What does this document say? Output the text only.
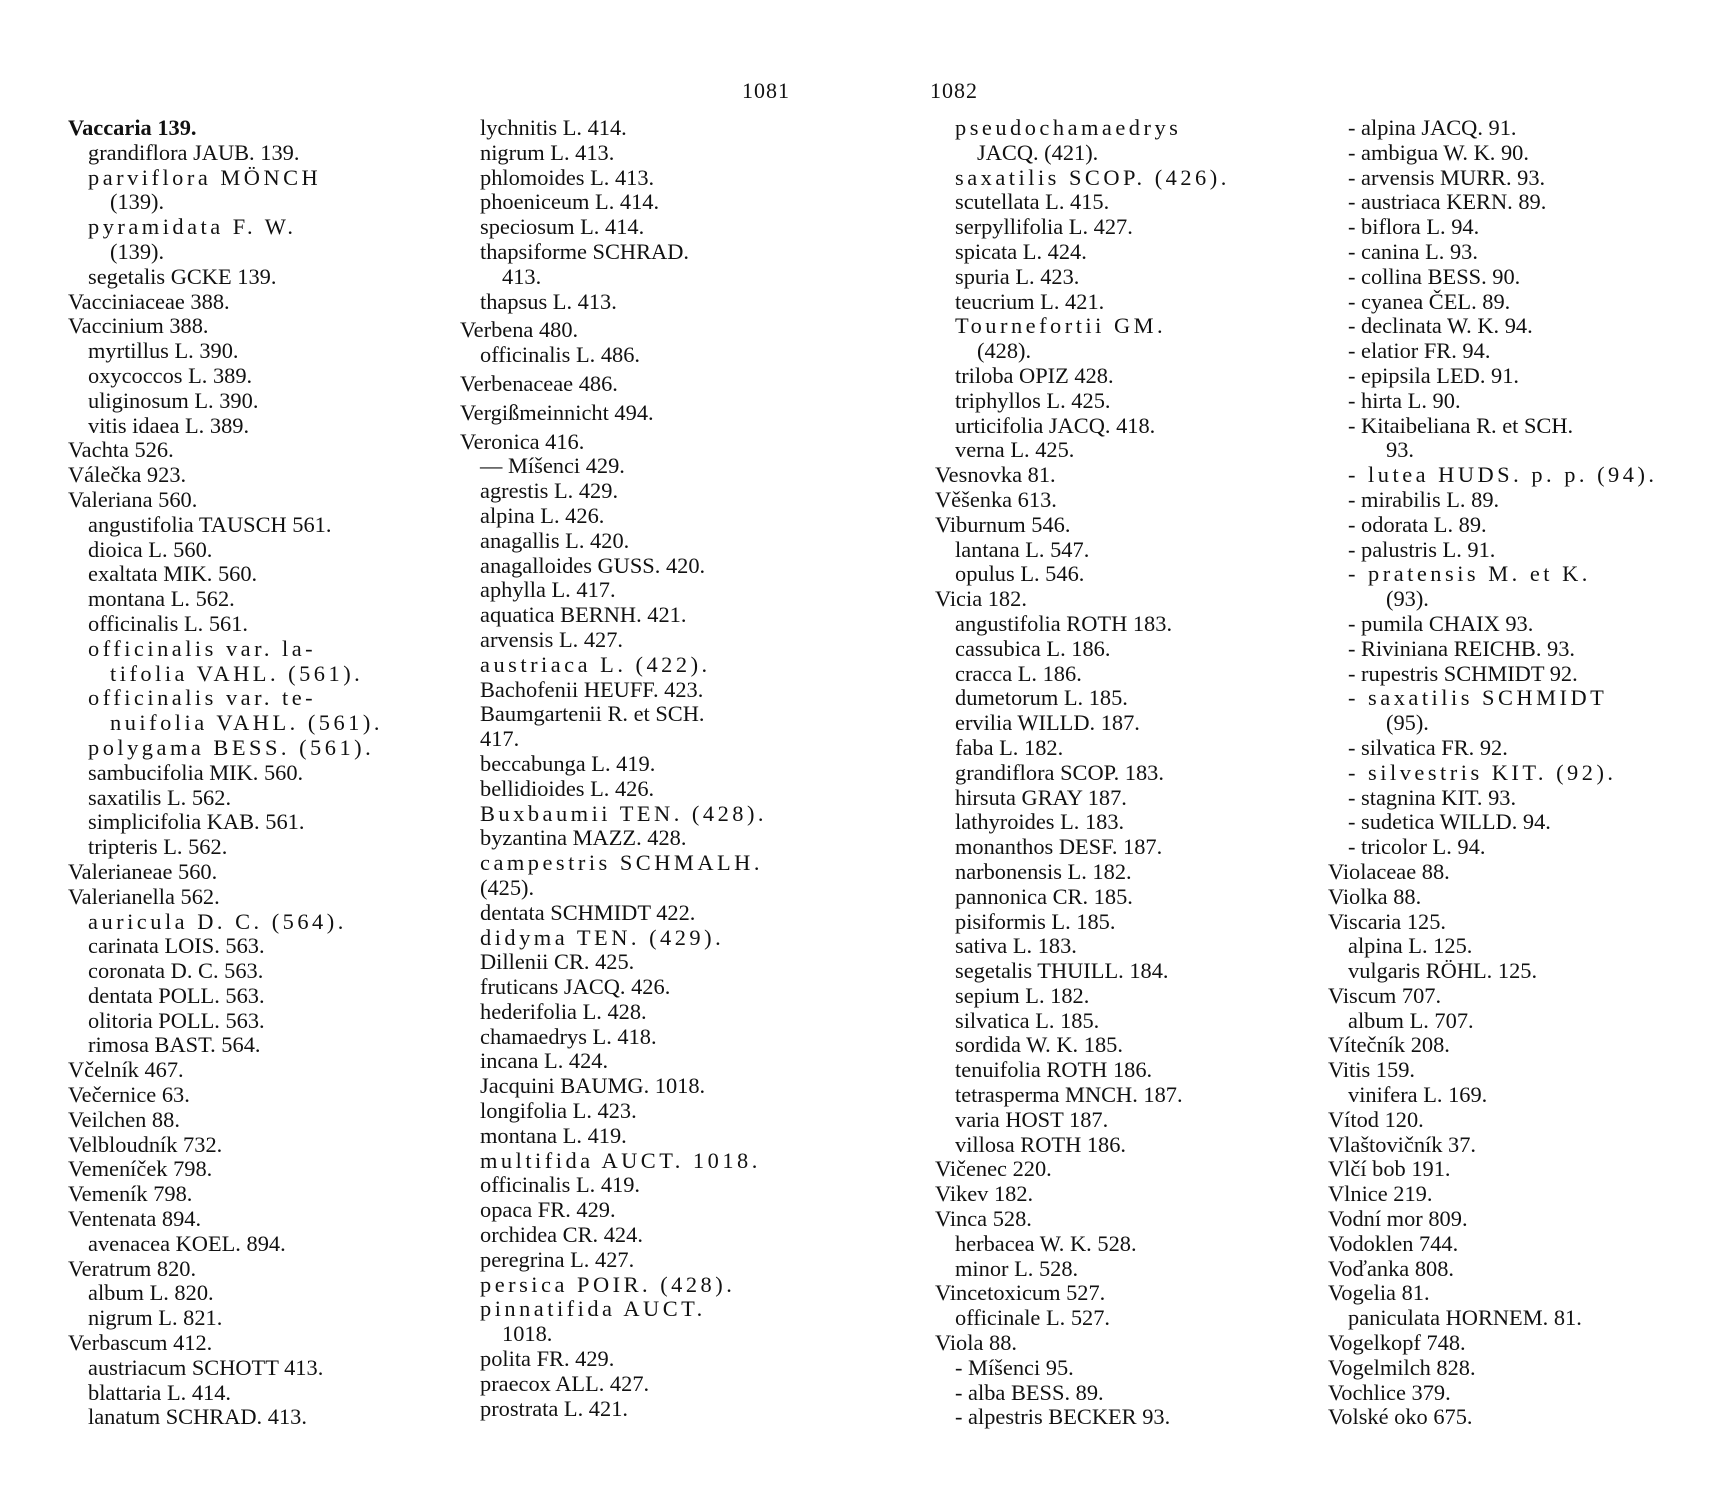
1081	1082
Vaccaria 139.
grandiflora JAUB. 139.
parviflora MÖNCH
(139).
pyramidata F. W.
(139).
segetalis GCKE 139.
Vacciniaceae 388.
Vaccinium 388.
myrtillus L. 390.
oxycoccos L. 389.
uliginosum L. 390.
vitis idaea L. 389.
Vachta 526.
Válečka 923.
Valeriana 560.
angustifolia TAUSCH 561.
dioica L. 560.
exaltata MIK. 560.
montana L. 562.
officinalis L. 561.
officinalis var. la-
tifolia VAHL. (561).
officinalis var. te-
nuifolia VAHL. (561).
polygama BESS. (561).
sambucifolia MIK. 560.
saxatilis L. 562.
simplicifolia KAB. 561.
tripteris L. 562.
Valerianeae 560.
Valerianella 562.
auricula D. C. (564).
carinata LOIS. 563.
coronata D. C. 563.
dentata POLL. 563.
olitoria POLL. 563.
rimosa BAST. 564.
Včelník 467.
Večernice 63.
Veilchen 88.
Velbloudník 732.
Vemeníček 798.
Vemeník 798.
Ventenata 894.
avenacea KOEL. 894.
Veratrum 820.
album L. 820.
nigrum L. 821.
Verbascum 412.
austriacum SCHOTT 413.
blattaria L. 414.
lanatum SCHRAD. 413.
lychnitis L. 414.
nigrum L. 413.
phlomoides L. 413.
phoeniceum L. 414.
speciosum L. 414.
thapsiforme SCHRAD.
413.
thapsus L. 413.
Verbena 480.
officinalis L. 486.
Verbenaceae 486.
Vergißmeinnicht 494.
Veronica 416.
— Míšenci 429.
agrestis L. 429.
alpina L. 426.
anagallis L. 420.
anagalloides GUSS. 420.
aphylla L. 417.
aquatica BERNH. 421.
arvensis L. 427.
austriaca L. (422).
Bachofenii HEUFF. 423.
Baumgartenii R. et SCH.
417.
beccabunga L. 419.
bellidioides L. 426.
Buxbaumii TEN. (428).
byzantina MAZZ. 428.
campestris SCHMALH.
(425).
dentata SCHMIDT 422.
didyma TEN. (429).
Dillenii CR. 425.
fruticans JACQ. 426.
hederifolia L. 428.
chamaedrys L. 418.
incana L. 424.
Jacquini BAUMG. 1018.
longifolia L. 423.
montana L. 419.
multifida AUCT. 1018.
officinalis L. 419.
opaca FR. 429.
orchidea CR. 424.
peregrina L. 427.
persica POIR. (428).
pinnatifida AUCT.
1018.
polita FR. 429.
praecox ALL. 427.
prostrata L. 421.
pseudochamaedrys
JACQ. (421).
saxatilis SCOP. (426).
scutellata L. 415.
serpyllifolia L. 427.
spicata L. 424.
spuria L. 423.
teucrium L. 421.
Tournefortii GM.
(428).
triloba OPIZ 428.
triphyllos L. 425.
urticifolia JACQ. 418.
verna L. 425.
Vesnovka 81.
Věšenka 613.
Viburnum 546.
lantana L. 547.
opulus L. 546.
Vicia 182.
angustifolia ROTH 183.
cassubica L. 186.
cracca L. 186.
dumetorum L. 185.
ervilia WILLD. 187.
faba L. 182.
grandiflora SCOP. 183.
hirsuta GRAY 187.
lathyroides L. 183.
monanthos DESF. 187.
narbonensis L. 182.
pannonica CR. 185.
pisiformis L. 185.
sativa L. 183.
segetalis THUILL. 184.
sepium L. 182.
silvatica L. 185.
sordida W. K. 185.
tenuifolia ROTH 186.
tetrasperma MNCH. 187.
varia HOST 187.
villosa ROTH 186.
Vičenec 220.
Vikev 182.
Vinca 528.
herbacea W. K. 528.
minor L. 528.
Vincetoxicum 527.
officinale L. 527.
Viola 88.
- Míšenci 95.
- alba BESS. 89.
- alpestris BECKER 93.
- alpina JACQ. 91.
- ambigua W. K. 90.
- arvensis MURR. 93.
- austriaca KERN. 89.
- biflora L. 94.
- canina L. 93.
- collina BESS. 90.
- cyanea ČEL. 89.
- declinata W. K. 94.
- elatior FR. 94.
- epipsila LED. 91.
- hirta L. 90.
- Kitaibeliana R. et SCH.
93.
- lutea HUDS. p. p. (94).
- mirabilis L. 89.
- odorata L. 89.
- palustris L. 91.
- pratensis M. et K.
(93).
- pumila CHAIX 93.
- Riviniana REICHB. 93.
- rupestris SCHMIDT 92.
- saxatilis SCHMIDT
(95).
- silvatica FR. 92.
- silvestris KIT. (92).
- stagnina KIT. 93.
- sudetica WILLD. 94.
- tricolor L. 94.
Violaceae 88.
Violka 88.
Viscaria 125.
alpina L. 125.
vulgaris RÖHL. 125.
Viscum 707.
album L. 707.
Vítečník 208.
Vitis 159.
vinifera L. 169.
Vítod 120.
Vlaštovičník 37.
Vlčí bob 191.
Vlnice 219.
Vodní mor 809.
Vodoklen 744.
Voďanka 808.
Vogelia 81.
paniculata HORNEM. 81.
Vogelkopf 748.
Vogelmilch 828.
Vochlice 379.
Volské oko 675.
